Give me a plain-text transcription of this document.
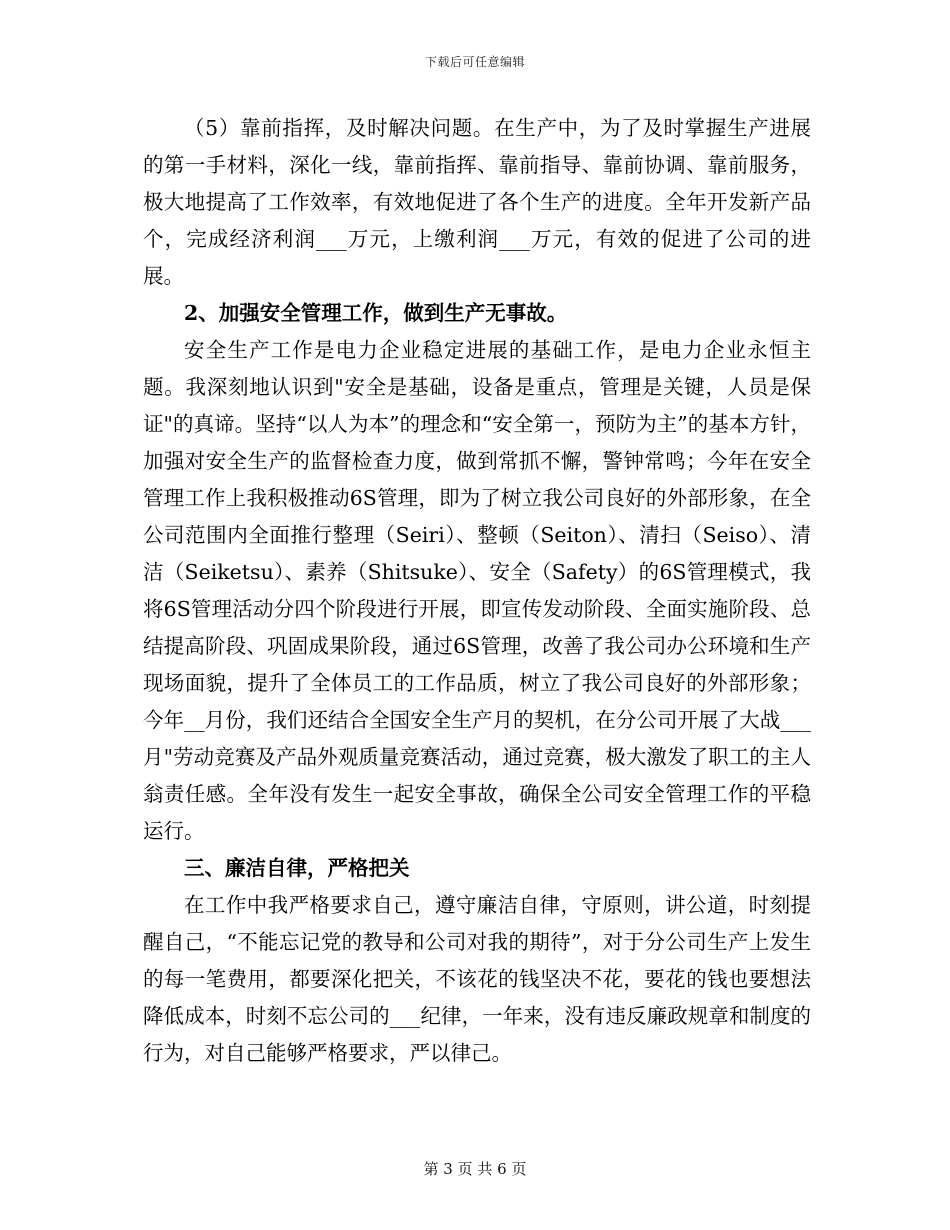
下载后可任意编辑

（5）靠前指挥，及时解决问题。在生产中，为了及时掌握生产进展的第一手材料，深化一线，靠前指挥、靠前指导、靠前协调、靠前服务，极大地提高了工作效率，有效地促进了各个生产的进度。全年开发新产品个，完成经济利润___万元，上缴利润___万元，有效的促进了公司的进展。

2、加强安全管理工作，做到生产无事故。

安全生产工作是电力企业稳定进展的基础工作，是电力企业永恒主题。我深刻地认识到"安全是基础，设备是重点，管理是关键，人员是保证"的真谛。坚持“以人为本”的理念和“安全第一，预防为主”的基本方针，加强对安全生产的监督检查力度，做到常抓不懈，警钟常鸣；今年在安全管理工作上我积极推动6S管理，即为了树立我公司良好的外部形象，在全公司范围内全面推行整理（Seiri）、整顿（Seiton）、清扫（Seiso）、清洁（Seiketsu）、素养（Shitsuke）、安全（Safety）的6S管理模式，我将6S管理活动分四个阶段进行开展，即宣传发动阶段、全面实施阶段、总结提高阶段、巩固成果阶段，通过6S管理，改善了我公司办公环境和生产现场面貌，提升了全体员工的工作品质，树立了我公司良好的外部形象；今年__月份，我们还结合全国安全生产月的契机，在分公司开展了大战___月"劳动竞赛及产品外观质量竞赛活动，通过竞赛，极大激发了职工的主人翁责任感。全年没有发生一起安全事故，确保全公司安全管理工作的平稳运行。

三、廉洁自律，严格把关

在工作中我严格要求自己，遵守廉洁自律，守原则，讲公道，时刻提醒自己，“不能忘记党的教导和公司对我的期待”，对于分公司生产上发生的每一笔费用，都要深化把关，不该花的钱坚决不花，要花的钱也要想法降低成本，时刻不忘公司的___纪律，一年来，没有违反廉政规章和制度的行为，对自己能够严格要求，严以律己。

第 3 页 共 6 页
